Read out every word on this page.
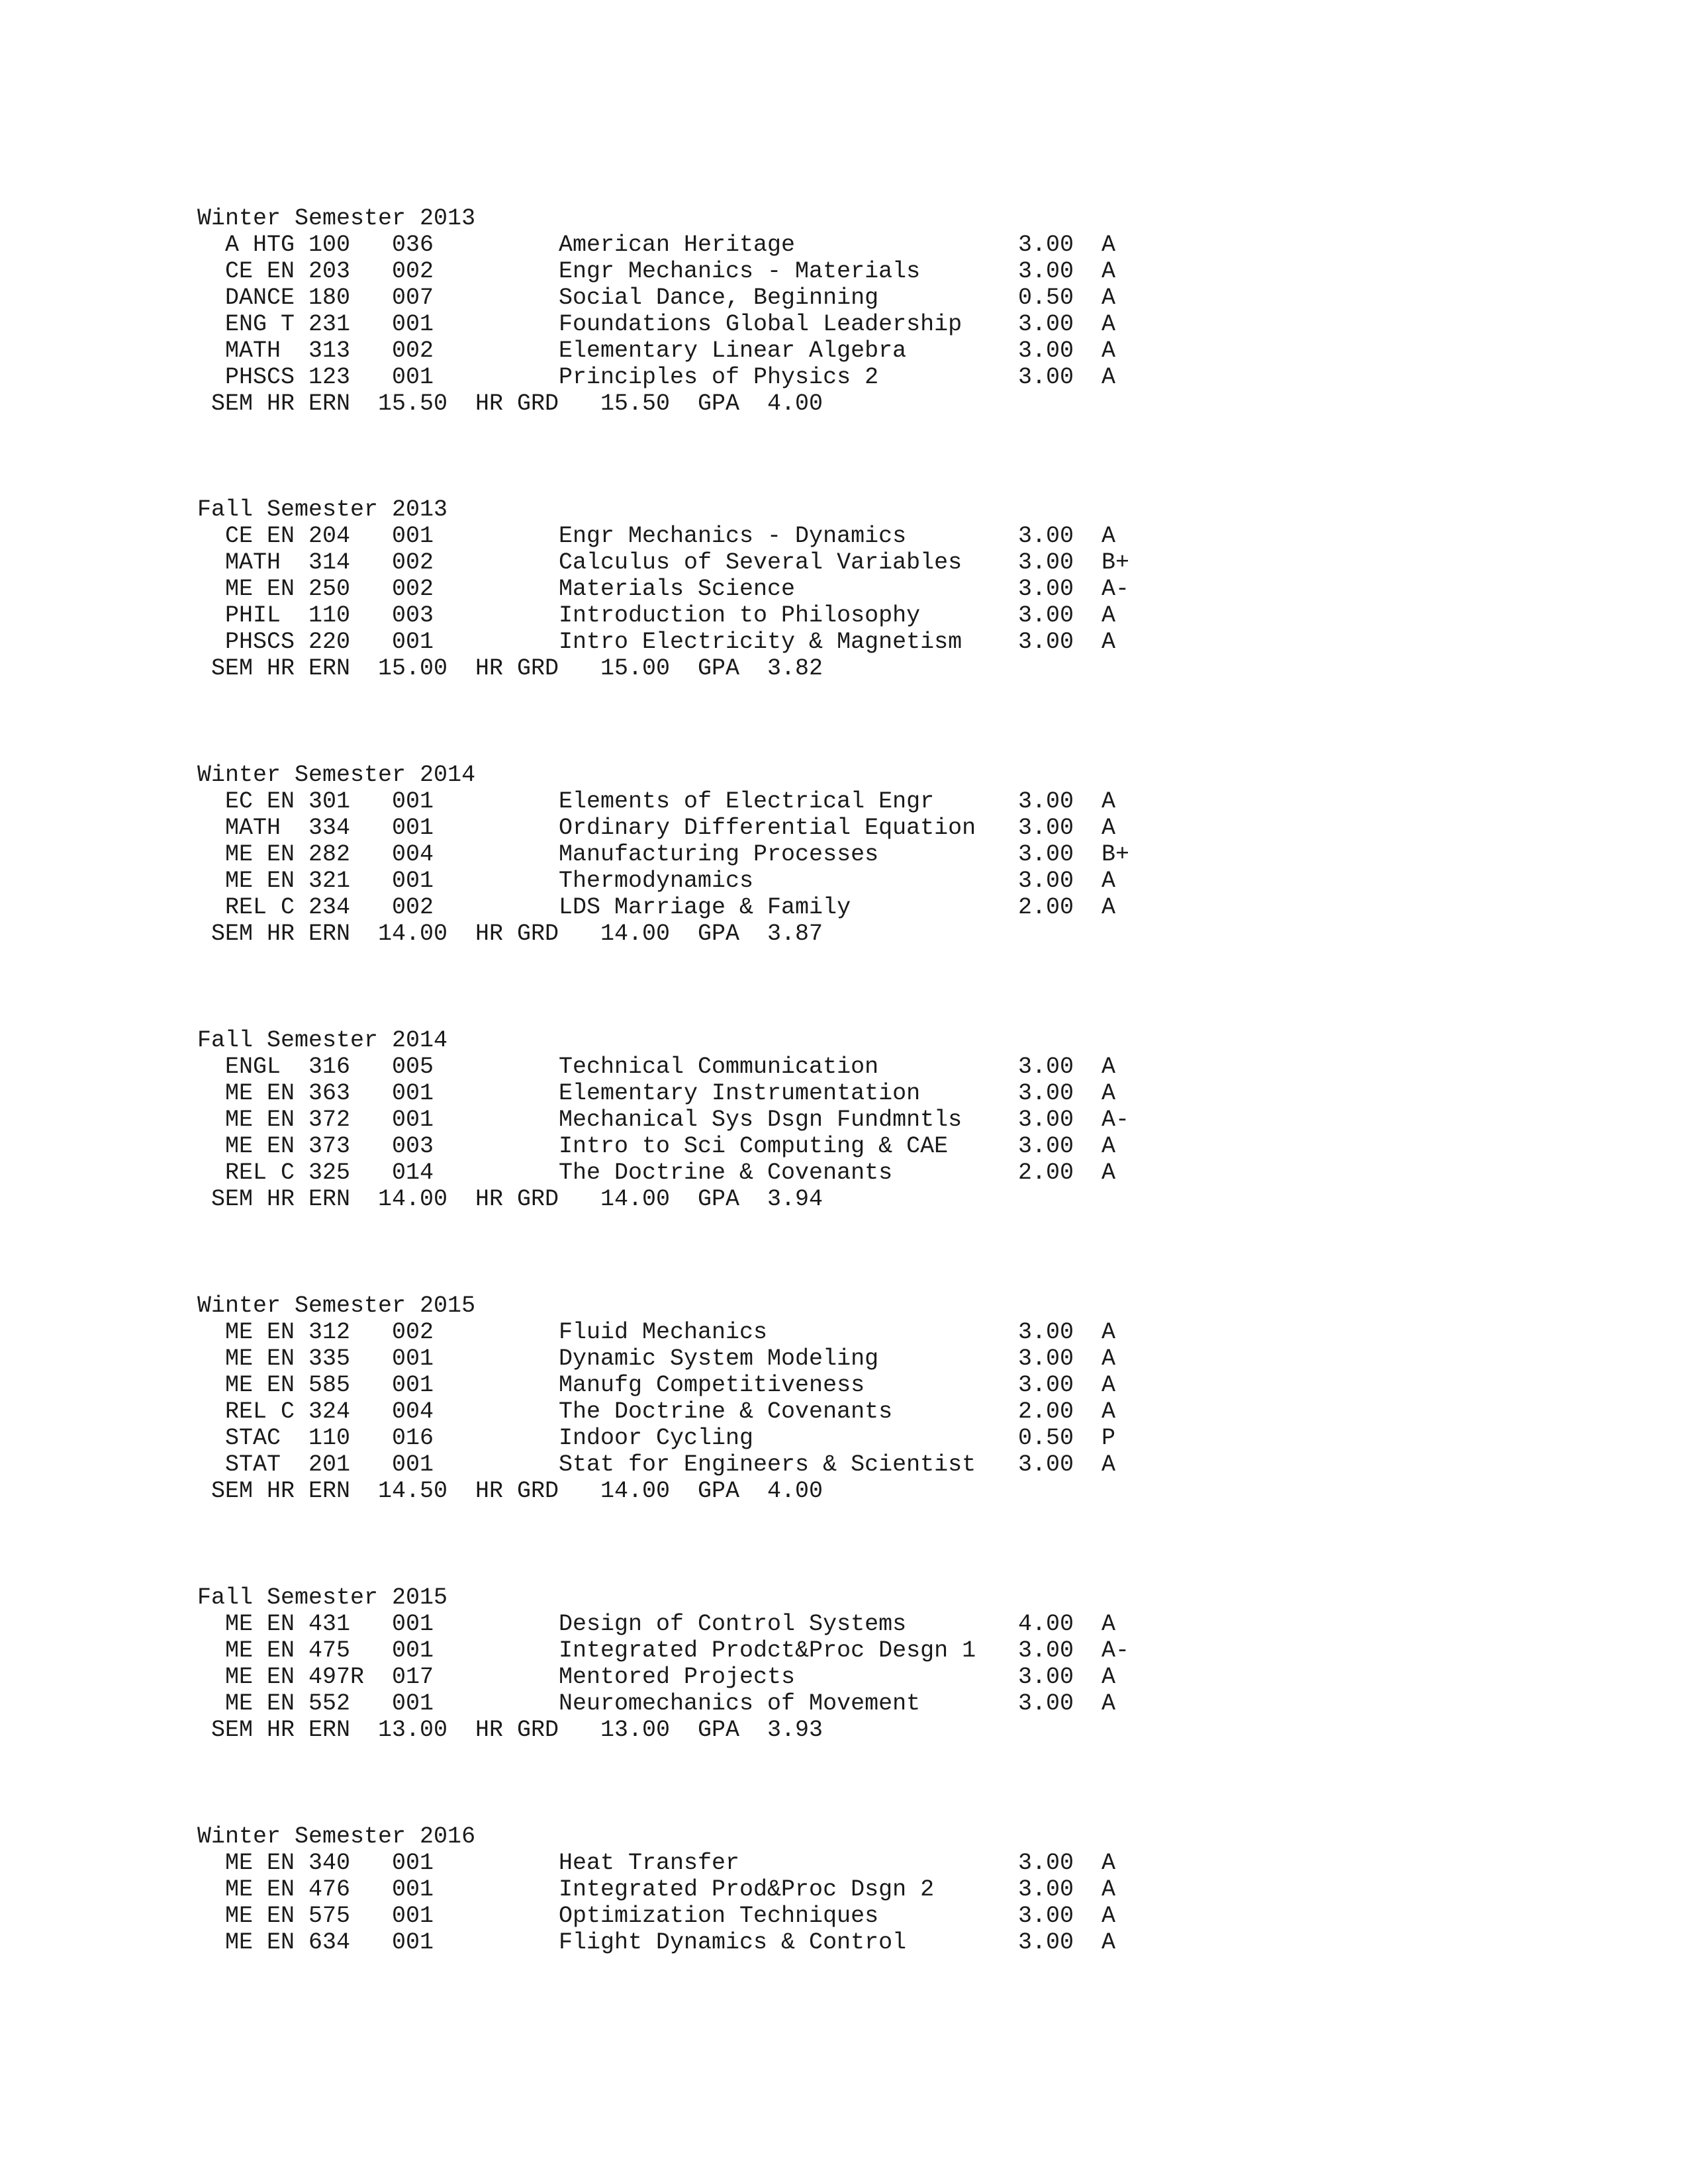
Winter Semester 2013
A HTG 100 036	American Heritage	3.00 A
CE EN 203 002	Engr Mechanics - Materials	3.00 A
DANCE 180 007	Social Dance, Beginning	0.50 A
ENG T 231 001	Foundations Global Leadership 3.00 A
MATH  313 002	Elementary Linear Algebra	3.00 A
PHSCS 123 001	Principles of Physics 2	3.00 A
SEM HR ERN 15.50 HR GRD 15.50 GPA 4.00
Fall Semester 2013
CE EN 204 001	Engr Mechanics - Dynamics	3.00 A
MATH  314 002	Calculus of Several Variables 3.00 B+
ME EN 250 002	Materials Science	3.00 A-
PHIL  110 003	Introduction to Philosophy	3.00 A
PHSCS 220 001	Intro Electricity & Magnetism 3.00 A
SEM HR ERN 15.00 HR GRD 15.00 GPA 3.82
Winter Semester 2014
EC EN 301 001	Elements of Electrical Engr	3.00 A
MATH  334 001	Ordinary Differential Equation 3.00 A
ME EN 282 004	Manufacturing Processes	3.00 B+
ME EN 321 001	Thermodynamics	3.00 A
REL C 234 002	LDS Marriage & Family	2.00 A
SEM HR ERN 14.00 HR GRD 14.00 GPA 3.87
Fall Semester 2014
ENGL  316 005	Technical Communication	3.00 A
ME EN 363 001	Elementary Instrumentation	3.00 A
ME EN 372 001	Mechanical Sys Dsgn Fundmntls 3.00 A-
ME EN 373 003	Intro to Sci Computing & CAE	3.00 A
REL C 325 014	The Doctrine & Covenants	2.00 A
SEM HR ERN 14.00 HR GRD 14.00 GPA 3.94
Winter Semester 2015
ME EN 312 002	Fluid Mechanics	3.00 A
ME EN 335 001	Dynamic System Modeling	3.00 A
ME EN 585 001	Manufg Competitiveness	3.00 A
REL C 324 004	The Doctrine & Covenants	2.00 A
STAC  110 016	Indoor Cycling	0.50 P
STAT  201 001	Stat for Engineers & Scientist 3.00 A
SEM HR ERN 14.50 HR GRD 14.00 GPA 4.00
Fall Semester 2015
ME EN 431 001	Design of Control Systems	4.00 A
ME EN 475 001	Integrated Prodct&Proc Desgn 1 3.00 A-
ME EN 497R 017	Mentored Projects	3.00 A
ME EN 552 001	Neuromechanics of Movement	3.00 A
SEM HR ERN 13.00 HR GRD 13.00 GPA 3.93
Winter Semester 2016
ME EN 340 001	Heat Transfer	3.00 A
ME EN 476 001	Integrated Prod&Proc Dsgn 2	3.00 A
ME EN 575 001	Optimization Techniques	3.00 A
ME EN 634 001	Flight Dynamics & Control	3.00 A
